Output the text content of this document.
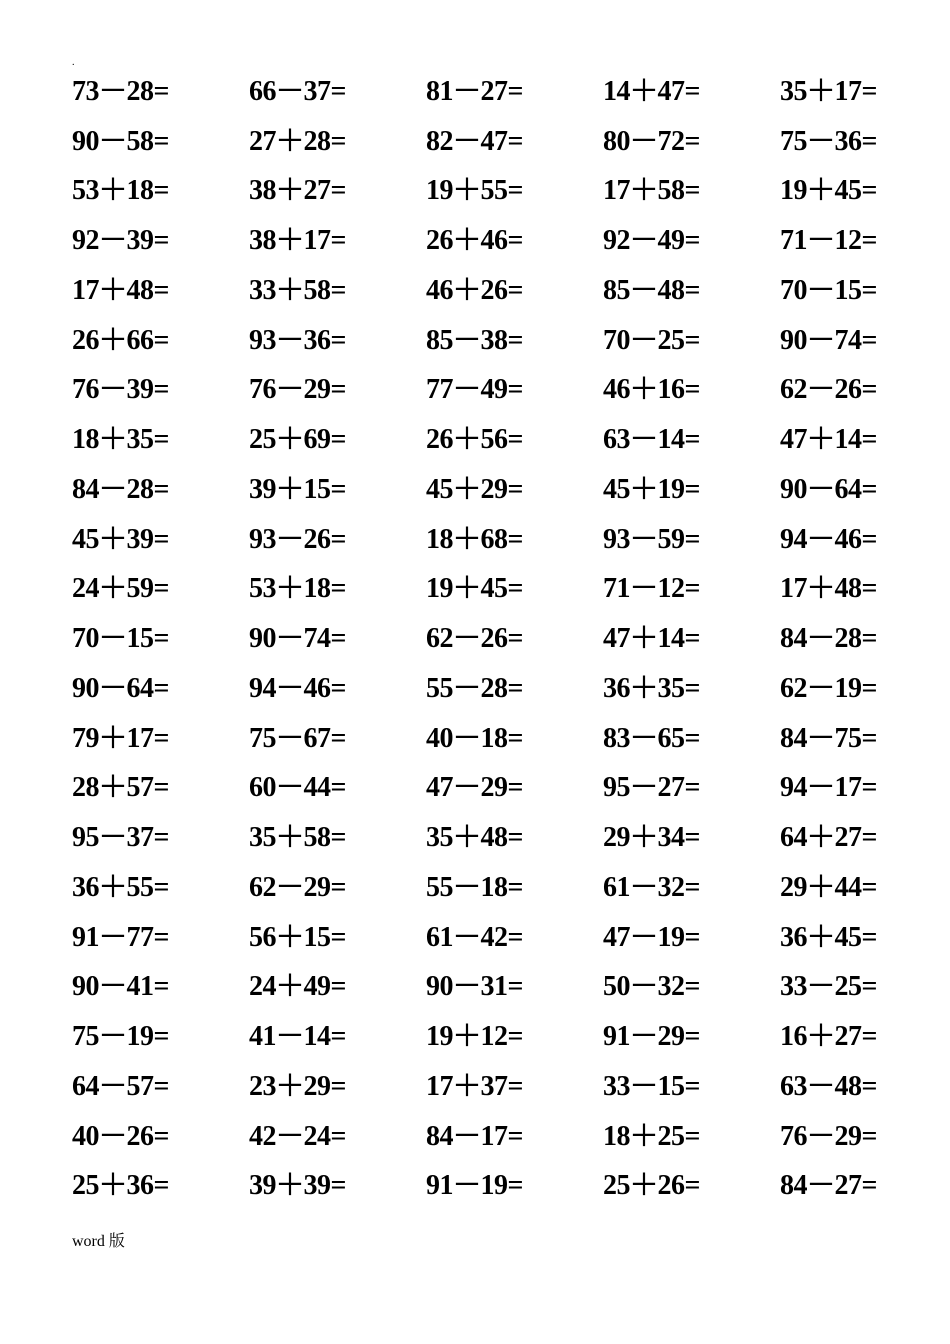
.
73－28=	66－37=	81－27=	14＋47=	35＋17=
90－58=	27＋28=	82－47=	80－72=	75－36=
53＋18=	38＋27=	19＋55=	17＋58=	19＋45=
92－39=	38＋17=	26＋46=	92－49=	71－12=
17＋48=	33＋58=	46＋26=	85－48=	70－15=
26＋66=	93－36=	85－38=	70－25=	90－74=
76－39=	76－29=	77－49=	46＋16=	62－26=
18＋35=	25＋69=	26＋56=	63－14=	47＋14=
84－28=	39＋15=	45＋29=	45＋19=	90－64=
45＋39=	93－26=	18＋68=	93－59=	94－46=
24＋59=	53＋18=	19＋45=	71－12=	17＋48=
70－15=	90－74=	62－26=	47＋14=	84－28=
90－64=	94－46=	55－28=	36＋35=	62－19=
79＋17=	75－67=	40－18=	83－65=	84－75=
28＋57=	60－44=	47－29=	95－27=	94－17=
95－37=	35＋58=	35＋48=	29＋34=	64＋27=
36＋55=	62－29=	55－18=	61－32=	29＋44=
91－77=	56＋15=	61－42=	47－19=	36＋45=
90－41=	24＋49=	90－31=	50－32=	33－25=
75－19=	41－14=	19＋12=	91－29=	16＋27=
64－57=	23＋29=	17＋37=	33－15=	63－48=
40－26=	42－24=	84－17=	18＋25=	76－29=
25＋36=	39＋39=	91－19=	25＋26=	84－27=
word 版
